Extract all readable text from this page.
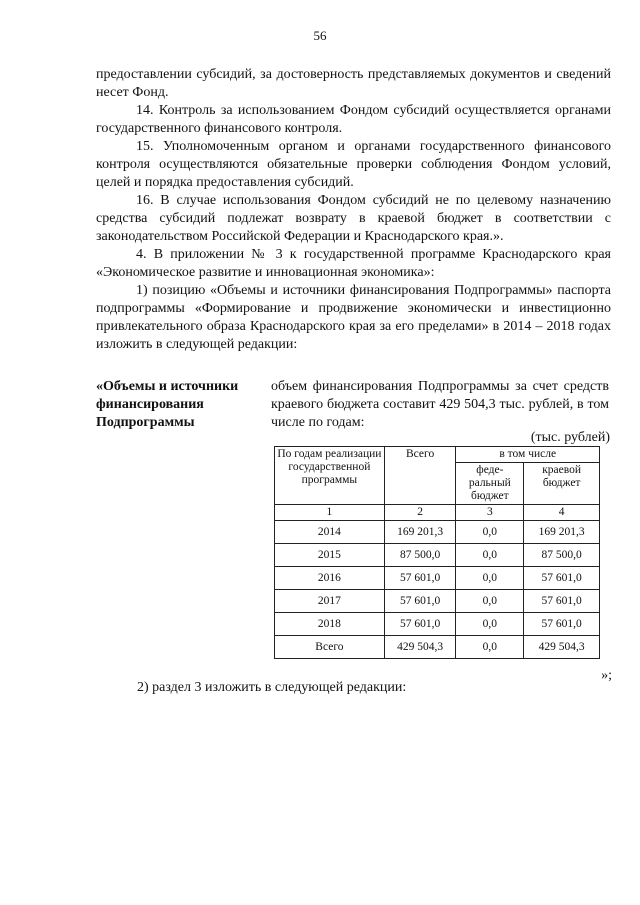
56

предоставлении субсидий, за достоверность представляемых документов и сведений несет Фонд.

14. Контроль за использованием Фондом субсидий осуществляется органами государственного финансового контроля.

15. Уполномоченным органом и органами государственного финансового контроля осуществляются обязательные проверки соблюдения Фондом условий, целей и порядка предоставления субсидий.

16. В случае использования Фондом субсидий не по целевому назначению средства субсидий подлежат возврату в краевой бюджет в соответствии с законодательством Российской Федерации и Краснодарского края.».

4. В приложении № 3 к государственной программе Краснодарского края «Экономическое развитие и инновационная экономика»:

1) позицию «Объемы и источники финансирования Подпрограммы» паспорта подпрограммы «Формирование и продвижение экономически и инвестиционно привлекательного образа Краснодарского края за его пределами» в 2014 – 2018 годах изложить в следующей редакции:

«Объемы и источники финансирования Подпрограммы
объем финансирования Подпрограммы за счет средств краевого бюджета составит 429 504,3 тыс. рублей, в том числе по годам:
(тыс. рублей)
По годам реализации государственной программы	Всего	в том числе	
		феде-ральный бюджет	краевой бюджет
1	2	3	4
2014	169 201,3	0,0	169 201,3
2015	87 500,0	0,0	87 500,0
2016	57 601,0	0,0	57 601,0
2017	57 601,0	0,0	57 601,0
2018	57 601,0	0,0	57 601,0
Всего	429 504,3	0,0	429 504,3
»;
2) раздел 3 изложить в следующей редакции:
